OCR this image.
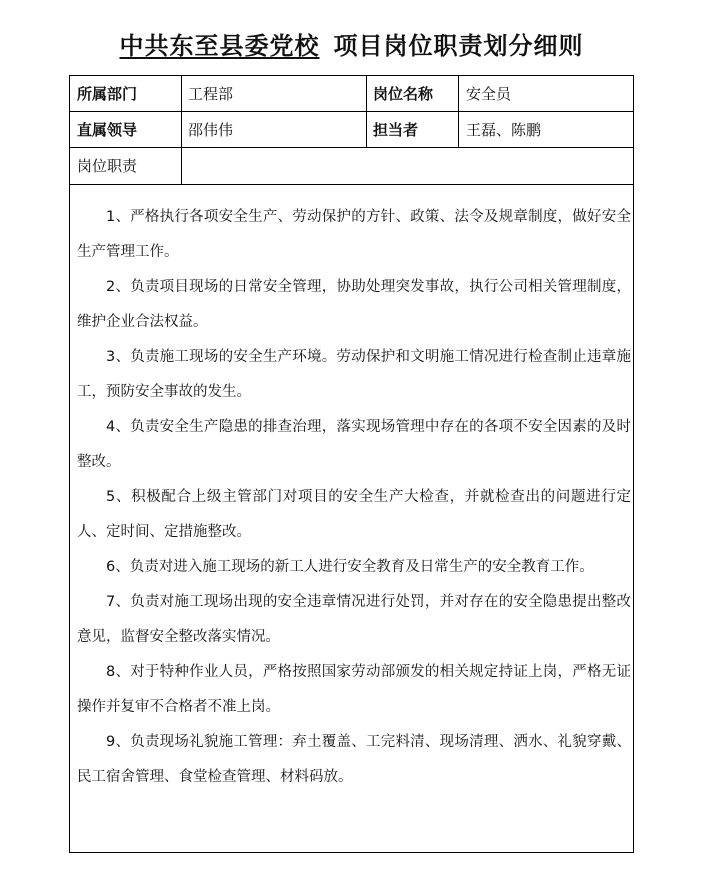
中共东至县委党校 项目岗位职责划分细则
所属部门	工程部	岗位名称 安全员
直属领导	邵伟伟	担当者	王磊、陈鹏
岗位职责

1、严格执行各项安全生产、劳动保护的方针、政策、法令及规章制度，做好安全生产管理工作。

2、负责项目现场的日常安全管理，协助处理突发事故，执行公司相关管理制度，维护企业合法权益。

3、负责施工现场的安全生产环境。劳动保护和文明施工情况进行检查制止违章施工，预防安全事故的发生。

4、负责安全生产隐患的排查治理，落实现场管理中存在的各项不安全因素的及时整改。

5、积极配合上级主管部门对项目的安全生产大检查，并就检查出的问题进行定人、定时间、定措施整改。

6、负责对进入施工现场的新工人进行安全教育及日常生产的安全教育工作。

7、负责对施工现场出现的安全违章情况进行处罚，并对存在的安全隐患提出整改意见，监督安全整改落实情况。

8、对于特种作业人员，严格按照国家劳动部颁发的相关规定持证上岗，严格无证操作并复审不合格者不准上岗。

9、负责现场礼貌施工管理：弃土覆盖、工完料清、现场清理、洒水、礼貌穿戴、民工宿舍管理、食堂检查管理、材料码放。
